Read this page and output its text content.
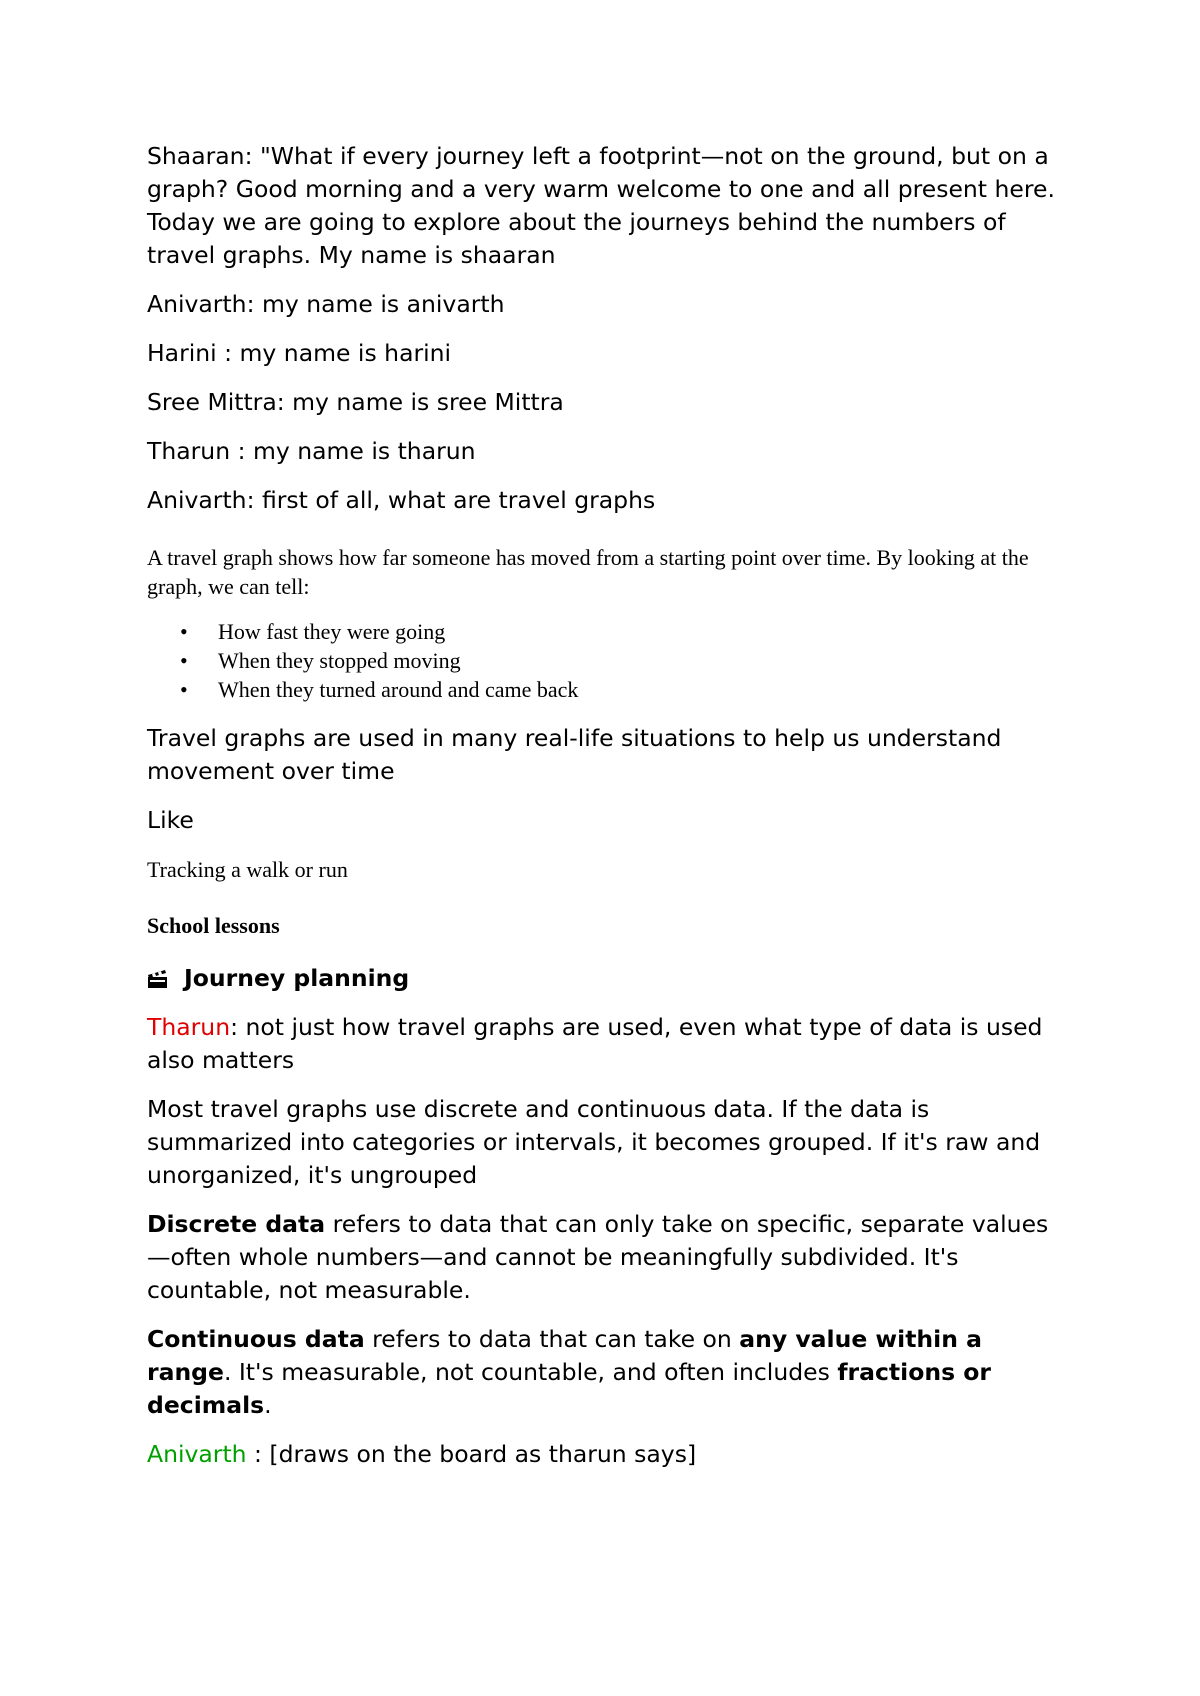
Shaaran: "What if every journey left a footprint—not on the ground, but on a graph? Good morning and a very warm welcome to one and all present here. Today we are going to explore about the journeys behind the numbers of travel graphs. My name is shaaran

Anivarth: my name is anivarth

Harini : my name is harini

Sree Mittra: my name is sree Mittra

Tharun : my name is tharun

Anivarth: first of all, what are travel graphs

A travel graph shows how far someone has moved from a starting point over time. By looking at the graph, we can tell:

• How fast they were going
• When they stopped moving
• When they turned around and came back

Travel graphs are used in many real-life situations to help us understand movement over time

Like

Tracking a walk or run

School lessons

Journey planning

Tharun: not just how travel graphs are used, even what type of data is used also matters

Most travel graphs use discrete and continuous data. If the data is summarized into categories or intervals, it becomes grouped. If it's raw and unorganized, it's ungrouped

Discrete data refers to data that can only take on specific, separate values—often whole numbers—and cannot be meaningfully subdivided. It's countable, not measurable.

Continuous data refers to data that can take on any value within a range. It's measurable, not countable, and often includes fractions or decimals.

Anivarth : [draws on the board as tharun says]
